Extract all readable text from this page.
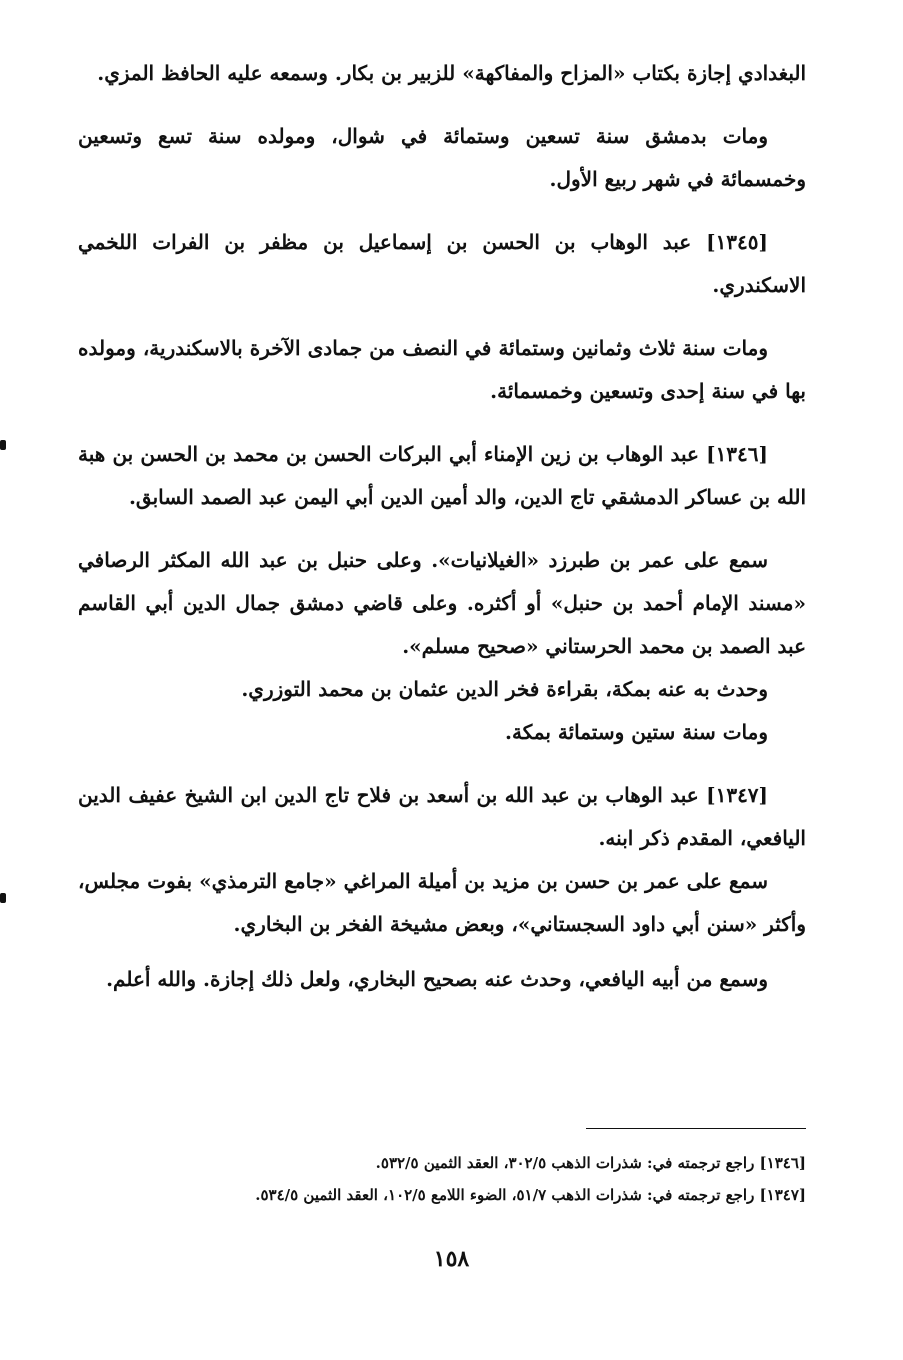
البغدادي إجازة بكتاب «المزاح والمفاكهة» للزبير بن بكار. وسمعه عليه الحافظ المزي.

ومات بدمشق سنة تسعين وستمائة في شوال، ومولده سنة تسع وتسعين وخمسمائة في شهر ربيع الأول.

[١٣٤٥] عبد الوهاب بن الحسن بن إسماعيل بن مظفر بن الفرات اللخمي الاسكندري.

ومات سنة ثلاث وثمانين وستمائة في النصف من جمادى الآخرة بالاسكندرية، ومولده بها في سنة إحدى وتسعين وخمسمائة.

[١٣٤٦] عبد الوهاب بن زين الإمناء أبي البركات الحسن بن محمد بن الحسن بن هبة الله بن عساكر الدمشقي تاج الدين، والد أمين الدين أبي اليمن عبد الصمد السابق.

سمع على عمر بن طبرزد «الغيلانيات». وعلى حنبل بن عبد الله المكثر الرصافي «مسند الإمام أحمد بن حنبل» أو أكثره. وعلى قاضي دمشق جمال الدين أبي القاسم عبد الصمد بن محمد الحرستاني «صحيح مسلم».

وحدث به عنه بمكة، بقراءة فخر الدين عثمان بن محمد التوزري.

ومات سنة ستين وستمائة بمكة.

[١٣٤٧] عبد الوهاب بن عبد الله بن أسعد بن فلاح تاج الدين ابن الشيخ عفيف الدين اليافعي، المقدم ذكر ابنه.

سمع على عمر بن حسن بن مزيد بن أميلة المراغي «جامع الترمذي» بفوت مجلس، وأكثر «سنن أبي داود السجستاني»، وبعض مشيخة الفخر بن البخاري.

وسمع من أبيه اليافعي، وحدث عنه بصحيح البخاري، ولعل ذلك إجازة. والله أعلم.

[١٣٤٦] راجع ترجمته في: شذرات الذهب ٣٠٢/٥، العقد الثمين ٥٣٢/٥.

[١٣٤٧] راجع ترجمته في: شذرات الذهب ٥١/٧، الضوء اللامع ١٠٢/٥، العقد الثمين ٥٣٤/٥.

١٥٨
